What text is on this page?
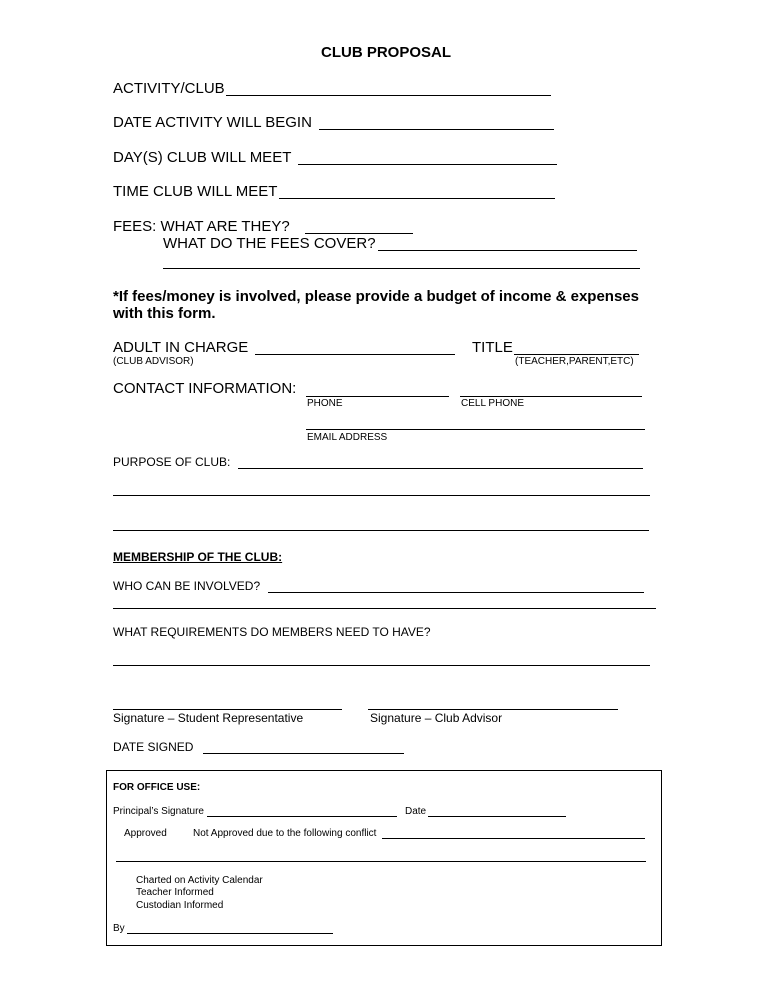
CLUB PROPOSAL
ACTIVITY/CLUB
DATE ACTIVITY WILL BEGIN
DAY(S) CLUB WILL MEET
TIME CLUB WILL MEET
FEES: WHAT ARE THEY?
WHAT DO THE FEES COVER?
*If fees/money is involved, please provide a budget of income & expenses
with this form.
ADULT IN CHARGE
(CLUB ADVISOR)
TITLE
(TEACHER,PARENT,ETC)
CONTACT INFORMATION:
PHONE	CELL PHONE
EMAIL ADDRESS
PURPOSE OF CLUB:
MEMBERSHIP OF THE CLUB:
WHO CAN BE INVOLVED?
WHAT REQUIREMENTS DO MEMBERS NEED TO HAVE?
Signature – Student Representative	Signature – Club Advisor
DATE SIGNED
FOR OFFICE USE:
Principal’s Signature	Date
Approved	Not Approved due to the following conflict
Charted on Activity Calendar
Teacher Informed
Custodian Informed
By
